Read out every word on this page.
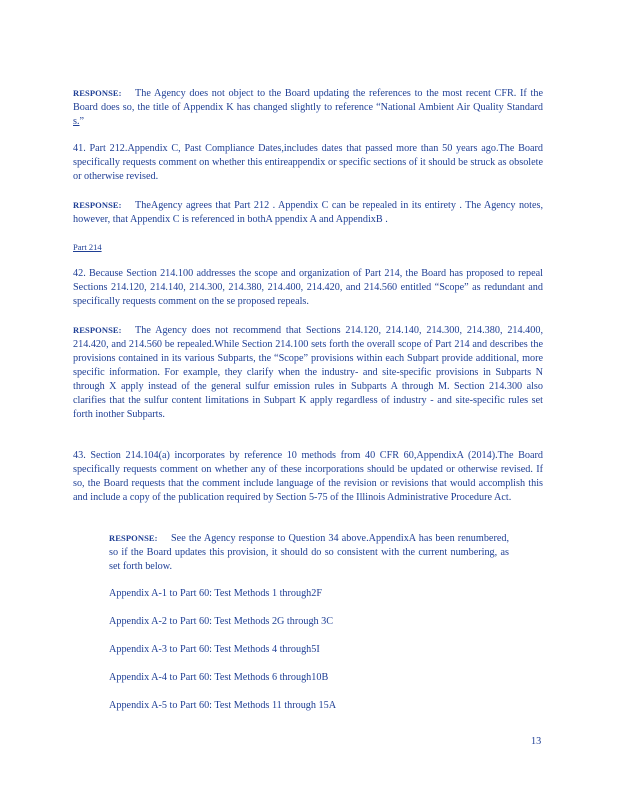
RESPONSE: The Agency does not object to the Board updating the references to the most recent CFR. If the Board does so, the title of Appendix K has changed slightly to reference “National Ambient Air Quality Standard s.”

41. Part 212.Appendix C, Past Compliance Dates,includes dates that passed more than 50 years ago.The Board specifically requests comment on whether this entireappendix or specific sections of it should be struck as obsolete or otherwise revised.

RESPONSE: TheAgency agrees that Part 212 . Appendix C can be repealed in its entirety . The Agency notes, however, that Appendix C is referenced in bothA ppendix A and AppendixB .

Part 214

42. Because Section 214.100 addresses the scope and organization of Part 214, the Board has proposed to repeal Sections 214.120, 214.140, 214.300, 214.380, 214.400, 214.420, and 214.560 entitled “Scope” as redundant and specifically requests comment on the se proposed repeals.

RESPONSE: The Agency does not recommend that Sections 214.120, 214.140, 214.300, 214.380, 214.400, 214.420, and 214.560 be repealed.While Section 214.100 sets forth the overall scope of Part 214 and describes the provisions contained in its various Subparts, the “Scope” provisions within each Subpart provide additional, more specific information. For example, they clarify when the industry- and site-specific provisions in Subparts N through X apply instead of the general sulfur emission rules in Subparts A through M. Section 214.300 also clarifies that the sulfur content limitations in Subpart K apply regardless of industry - and site-specific rules set forth inother Subparts.

43. Section 214.104(a) incorporates by reference 10 methods from 40 CFR 60,AppendixA (2014).The Board specifically requests comment on whether any of these incorporations should be updated or otherwise revised. If so, the Board requests that the comment include language of the revision or revisions that would accomplish this and include a copy of the publication required by Section 5-75 of the Illinois Administrative Procedure Act.

RESPONSE: See the Agency response to Question 34 above.AppendixA has been renumbered, so if the Board updates this provision, it should do so consistent with the current numbering, as set forth below.

Appendix A-1 to Part 60: Test Methods 1 through2F
Appendix A-2 to Part 60: Test Methods 2G through 3C
Appendix A-3 to Part 60: Test Methods 4 through5I
Appendix A-4 to Part 60: Test Methods 6 through10B
Appendix A-5 to Part 60: Test Methods 11 through 15A
13
